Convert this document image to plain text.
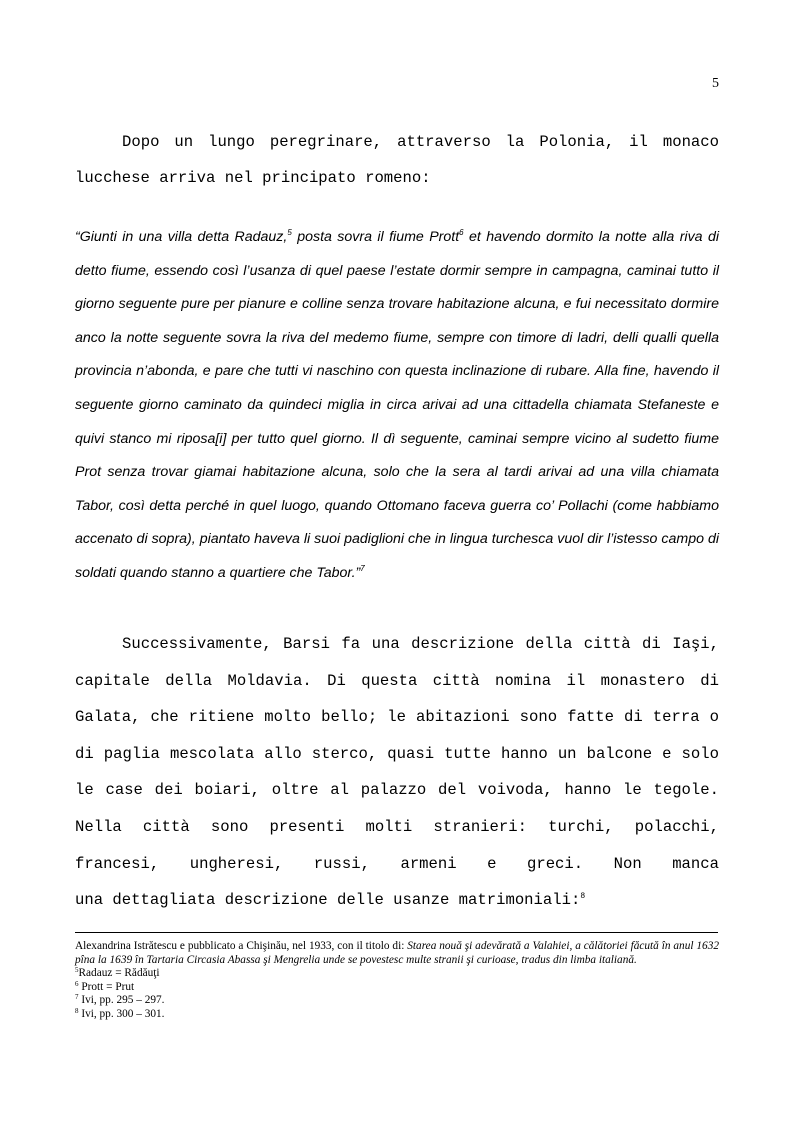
5
Dopo un lungo peregrinare, attraverso la Polonia, il monaco
lucchese arriva nel principato romeno:

“Giunti in una villa detta Radauz,$^5$ posta sovra il fiume Prott$^6$ et havendo dormito la notte alla riva di detto fiume, essendo così l’usanza di quel paese l’estate dormir sempre in campagna, caminai tutto il giorno seguente pure per pianure e colline senza trovare habitazione alcuna, e fui necessitato dormire anco la notte seguente sovra la riva del medemo fiume, sempre con timore di ladri, delli qualli quella provincia n’abonda, e pare che tutti vi naschino con questa inclinazione di rubare. Alla fine, havendo il seguente giorno caminato da quindeci miglia in circa arivai ad una cittadella chiamata Stefaneste e quivi stanco mi riposa[i] per tutto quel giorno. Il dì seguente, caminai sempre vicino al sudetto fiume Prot senza trovar giamai habitazione alcuna, solo che la sera al tardi arivai ad una villa chiamata Tabor, così detta perché in quel luogo, quando Ottomano faceva guerra co’ Pollachi (come habbiamo accenato di sopra), piantato haveva li suoi padiglioni che in lingua turchesca vuol dir l’istesso campo di soldati quando stanno a quartiere che Tabor.”$^7$

Successivamente, Barsi fa una descrizione della città di Iaşi, capitale della Moldavia. Di questa città nomina il monastero di Galata, che ritiene molto bello; le abitazioni sono fatte di terra o di paglia mescolata allo sterco, quasi tutte hanno un balcone e solo le case dei boiari, oltre al palazzo del voivoda, hanno le tegole. Nella città sono presenti molti stranieri: turchi, polacchi, francesi, ungheresi, russi, armeni e greci. Non manca
una dettagliata descrizione delle usanze matrimoniali:$^8$

Alexandrina Istrătescu e pubblicato a Chişinău, nel 1933, con il titolo di: Starea nouă şi adevărată a Valahiei, a călătoriei făcută în anul 1632 pîna la 1639 în Tartaria Circasia Abassa şi Mengrelia unde se povestesc multe stranii şi curioase, tradus din limba italiană.

$^5$Radauz = Rădăuţi

$^6$ Prott = Prut

$^7$ Ivi, pp. 295 – 297.

$^8$ Ivi, pp. 300 – 301.
